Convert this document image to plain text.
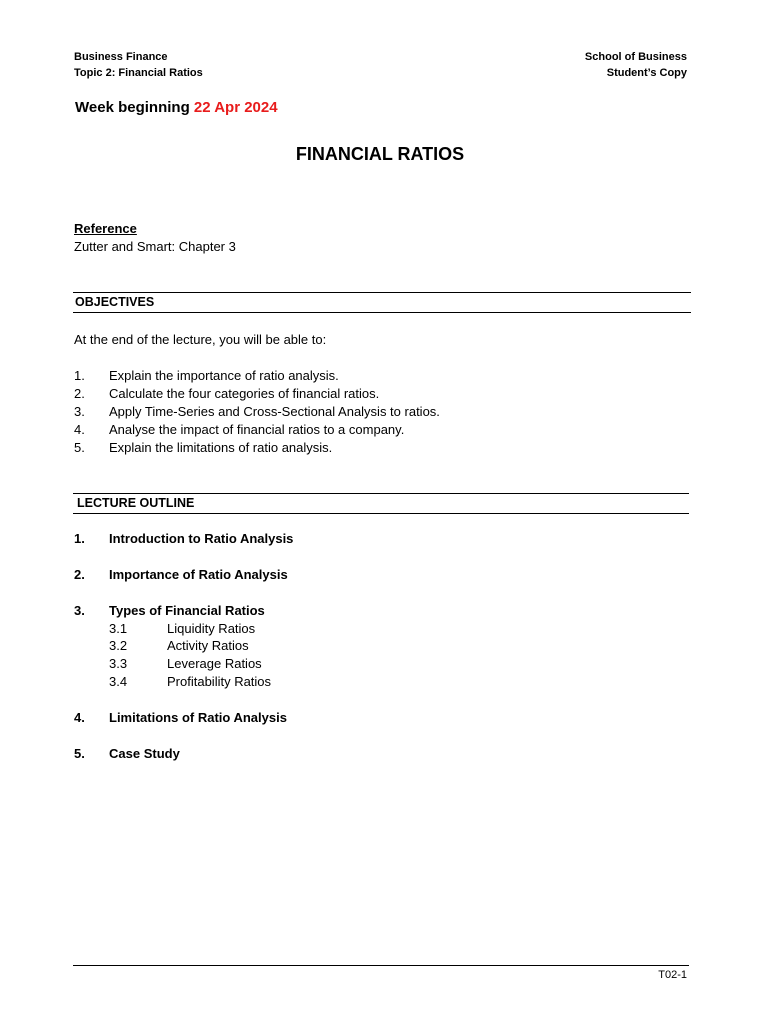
Business Finance
Topic 2: Financial Ratios
School of Business
Student’s Copy
Week beginning 22 Apr 2024
FINANCIAL RATIOS
Reference
Zutter and Smart: Chapter 3
OBJECTIVES
At the end of the lecture, you will be able to:
1. Explain the importance of ratio analysis.
2. Calculate the four categories of financial ratios.
3. Apply Time-Series and Cross-Sectional Analysis to ratios.
4. Analyse the impact of financial ratios to a company.
5. Explain the limitations of ratio analysis.
LECTURE OUTLINE
1. Introduction to Ratio Analysis
2. Importance of Ratio Analysis
3. Types of Financial Ratios
3.1	Liquidity Ratios
3.2	Activity Ratios
3.3	Leverage Ratios
3.4	Profitability Ratios
4. Limitations of Ratio Analysis
5. Case Study
T02-1
